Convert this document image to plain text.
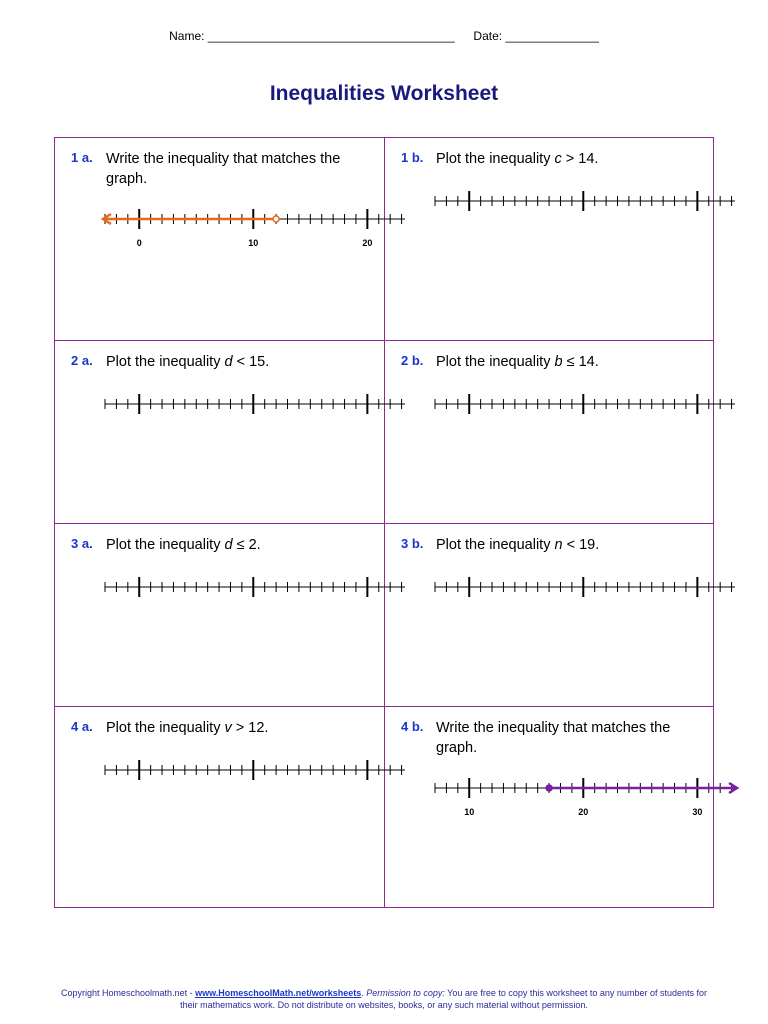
Name: _____________________________________ Date: ______________
Inequalities Worksheet
1 a. Write the inequality that matches the graph.
0	10	20
1 b. Plot the inequality c > 14.
2 a. Plot the inequality d < 15.	2 b. Plot the inequality b ≤ 14.
3 a. Plot the inequality d ≤ 2.	3 b. Plot the inequality n < 19.
4 a. Plot the inequality v > 12.	4 b. Write the inequality that matches the graph.
10	20	30
Copyright Homeschoolmath.net - www.HomeschoolMath.net/worksheets. Permission to copy: You are free to copy this worksheet to any number of students for their mathematics work. Do not distribute on websites, books, or any such material without permission.
